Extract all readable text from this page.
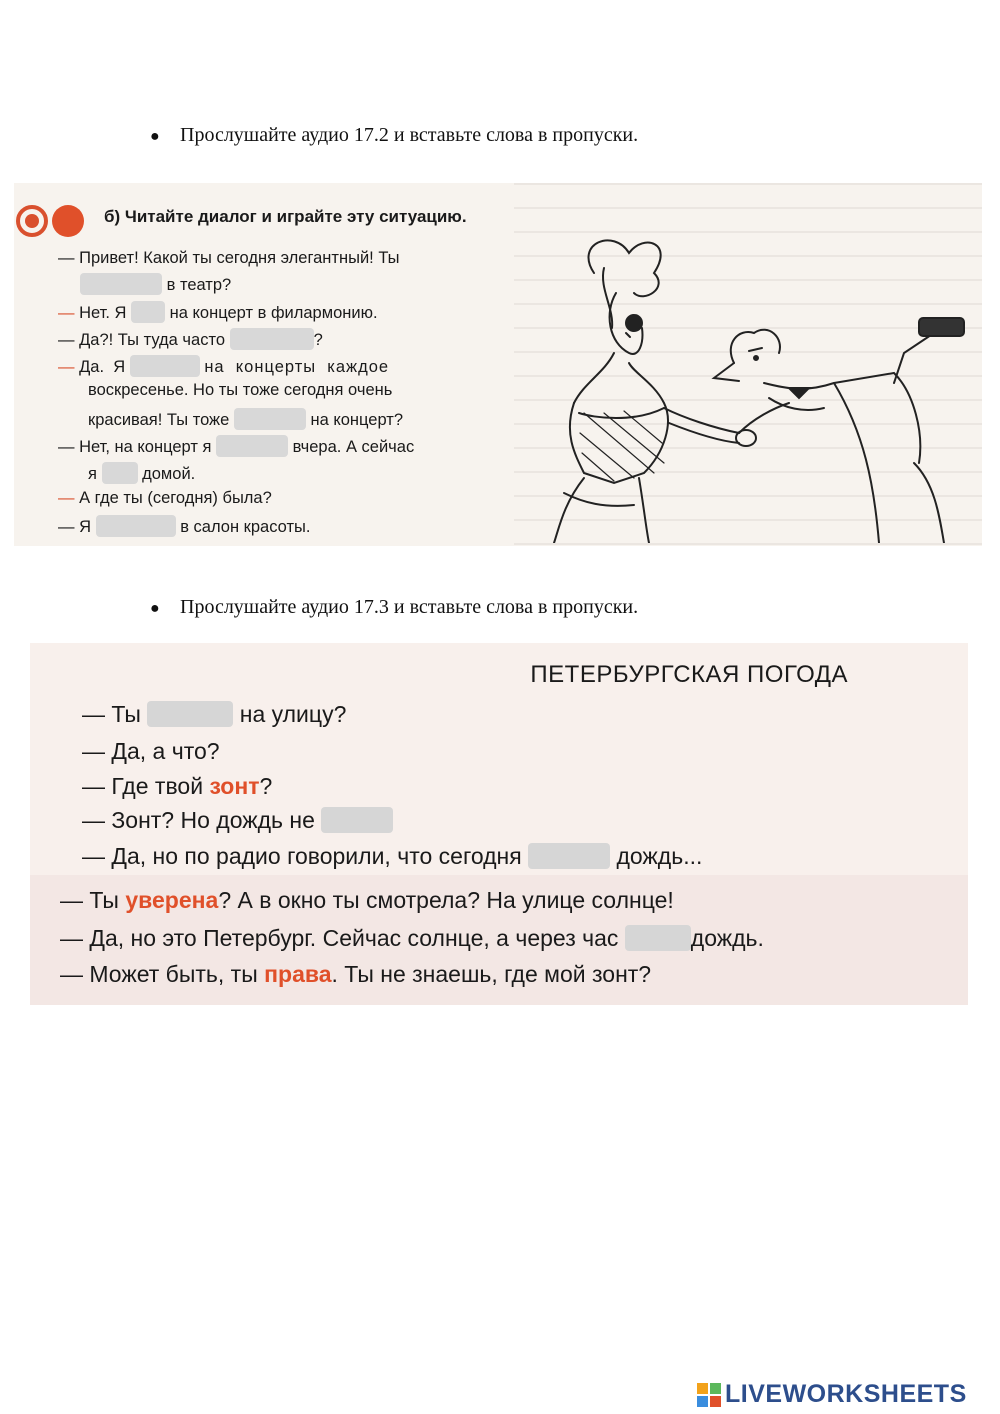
● Прослушайте аудио 17.2 и вставьте слова в пропуски.
б) Читайте диалог и играйте эту ситуацию.
— Привет! Какой ты сегодня элегантный! Ты
в театр?
— Нет. Я	на концерт в филармонию.
— Да?! Ты туда часто	?
— Да.  Я	на  концерты  каждое
воскресенье. Но ты тоже сегодня очень
красивая! Ты тоже	на концерт?
— Нет, на концерт я	вчера. А сейчас
я	домой.
— А где ты (сегодня) была?
— Я	в салон красоты.
● Прослушайте аудио 17.3 и вставьте слова в пропуски.
ПЕТЕРБУРГСКАЯ ПОГОДА
— Ты	на улицу?
— Да, а что?
— Где твой зонт?
— Зонт? Но дождь не
— Да, но по радио говорили, что сегодня	дождь...
— Ты уверена? А в окно ты смотрела? На улице солнце!
— Да, но это Петербург. Сейчас солнце, а через час	дождь.
— Может быть, ты права. Ты не знаешь, где мой зонт?
LIVEWORKSHEETS
